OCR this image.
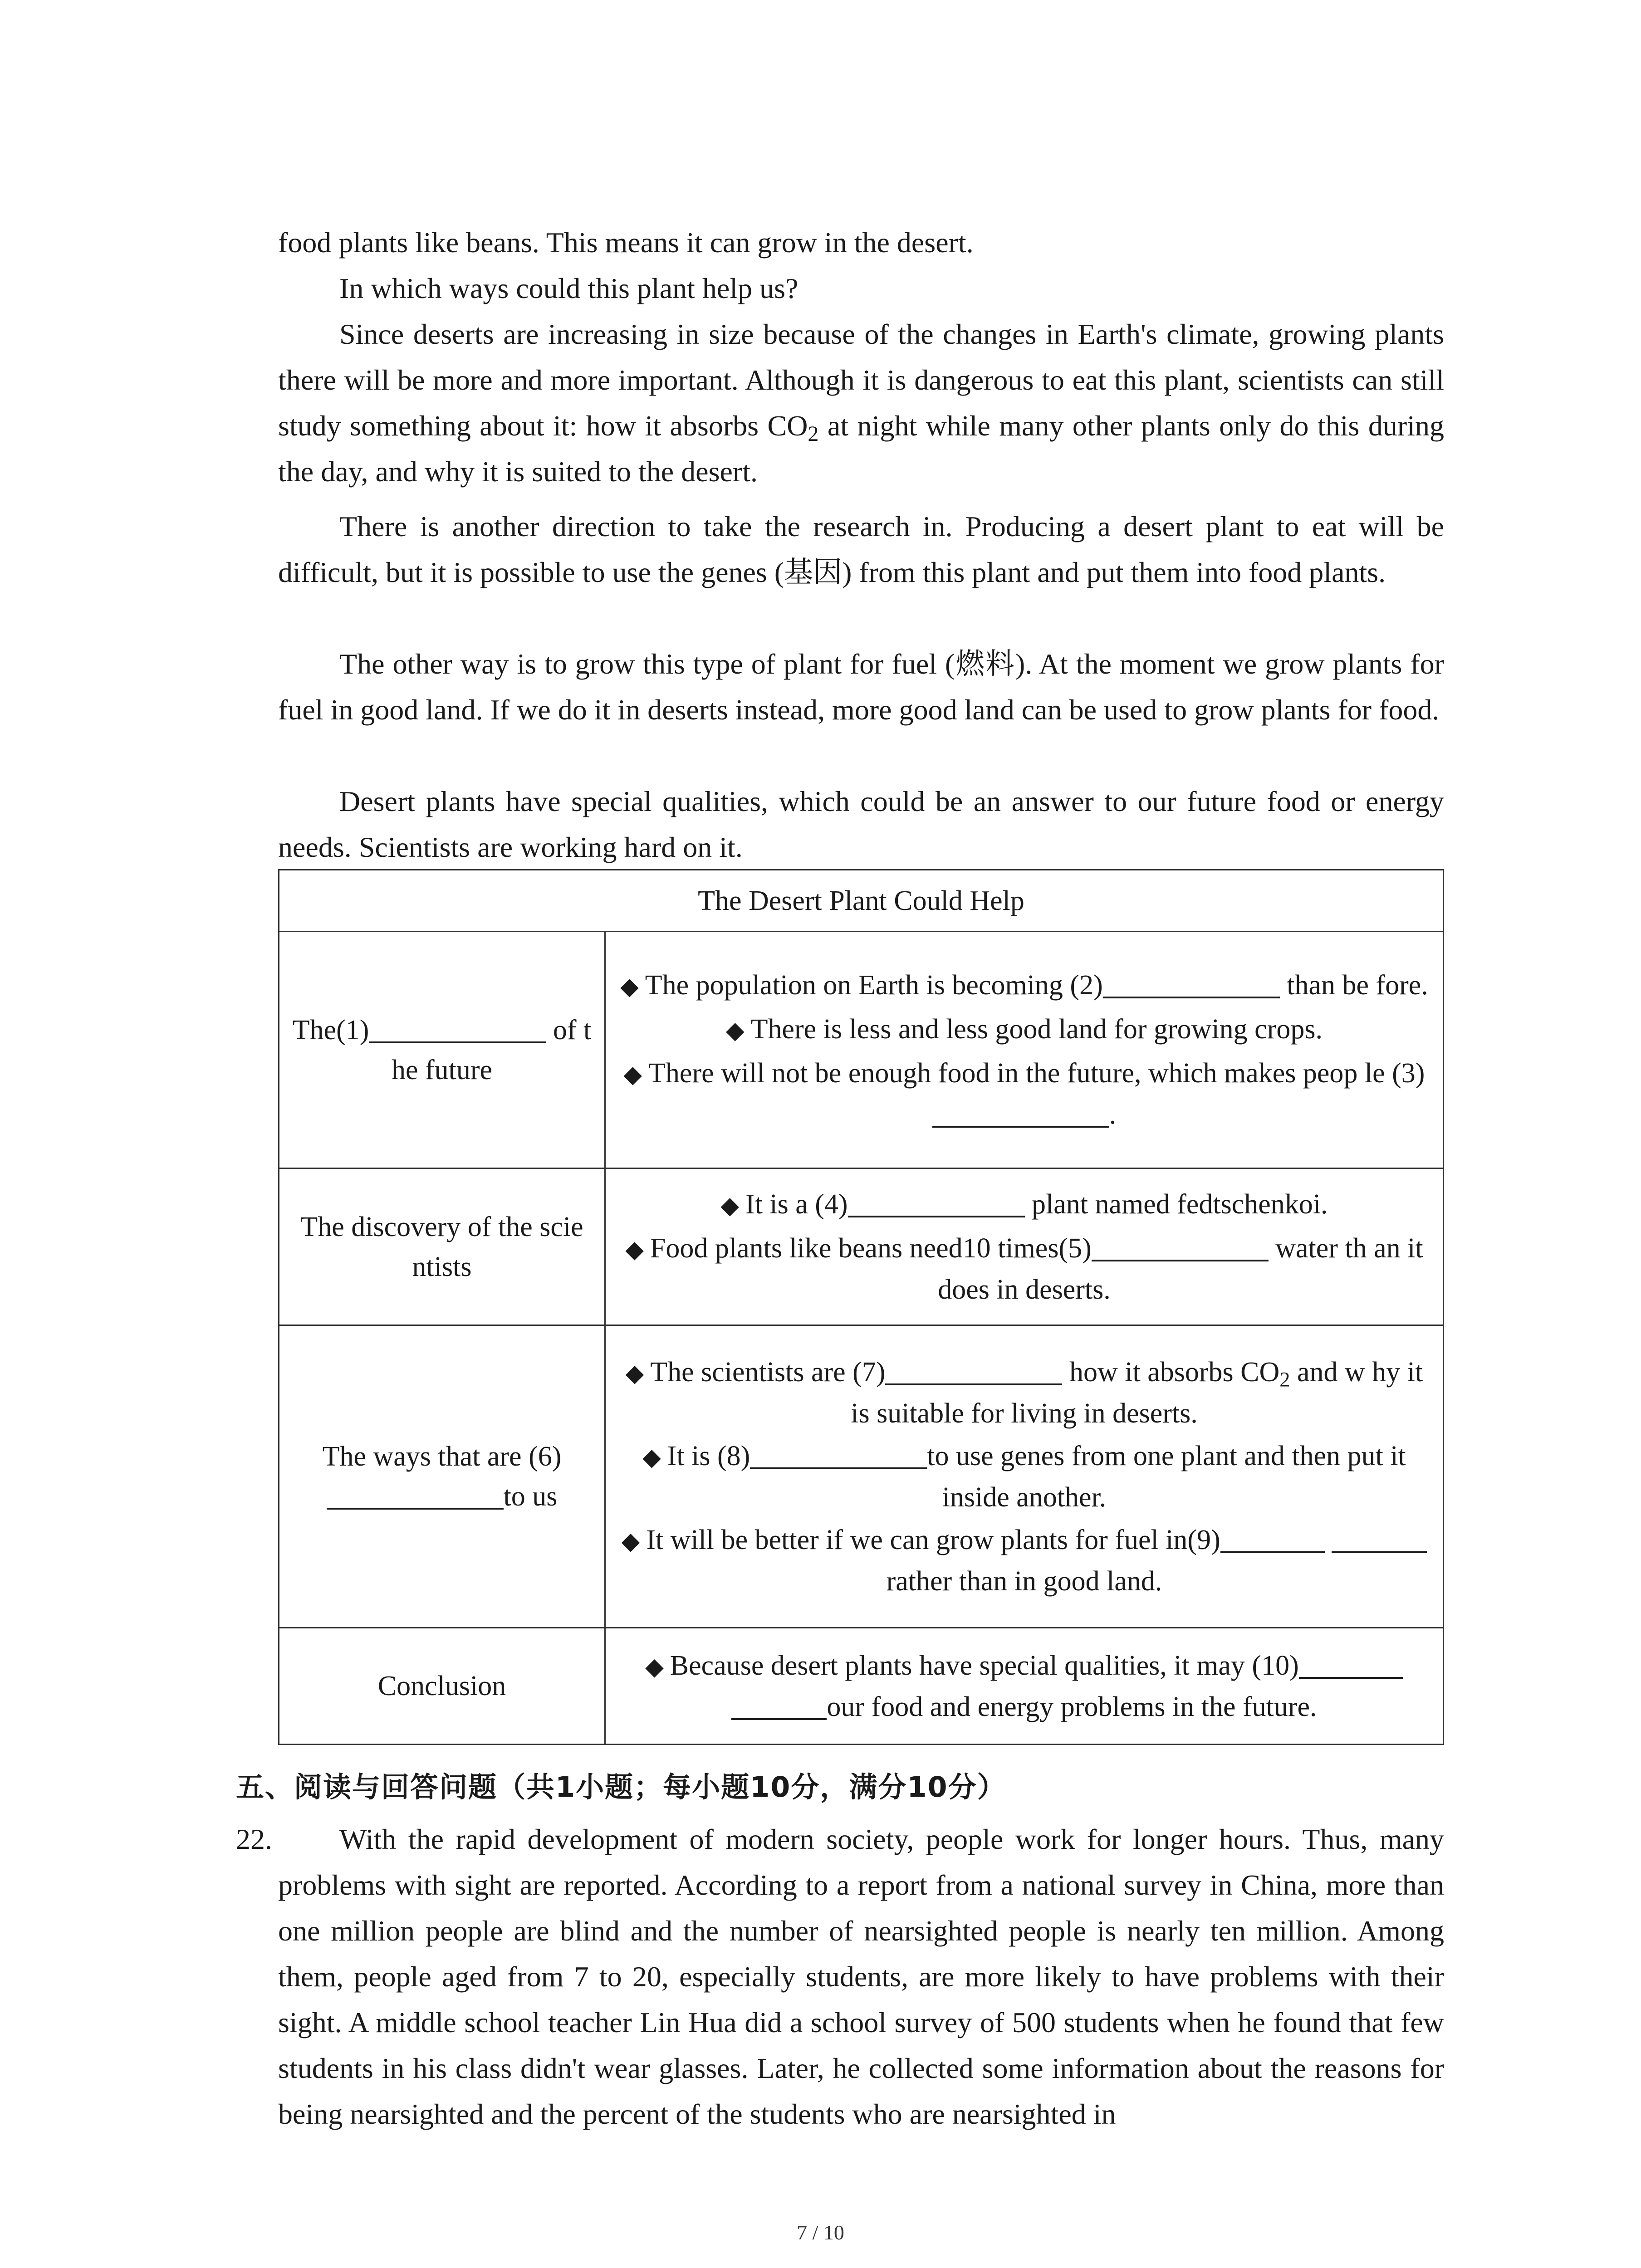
food plants like beans. This means it can grow in the desert.
In which ways could this plant help us?
Since deserts are increasing in size because of the changes in Earth's climate, growing plants there will be more and more important. Although it is dangerous to eat this plant, scientists can still study something about it: how it absorbs $CO_2$ at night while many other plants only do this during the day, and why it is suited to the desert.
There is another direction to take the research in. Producing a desert plant to eat will be difficult, but it is possible to use the genes (基因) from this plant and put them into food plants.
The other way is to grow this type of plant for fuel (燃料). At the moment we grow plants for fuel in good land. If we do it in deserts instead, more good land can be used to grow plants for food.
Desert plants have special qualities, which could be an answer to our future food or energy needs. Scientists are working hard on it.
The Desert Plant Could Help	
The(1) of t he future	◆ The population on Earth is becoming (2) than be fore.
◆ There is less and less good land for growing crops.
◆ There will not be enough food in the future, which makes peop le (3).

The discovery of the scie ntists	◆ It is a (4) plant named fedtschenkoi.
◆ Food plants like beans need10 times(5) water th an it does in deserts.

The ways that are (6)
to us	◆ The scientists are (7) how it absorbs $CO_2$ and w hy it is suitable for living in deserts.
◆ It is (8) to use genes from one plant and then put it inside another.
◆ It will be better if we can grow plants for fuel in(9)  rather than in good land.

Conclusion	◆ Because desert plants have special qualities, it may (10) our food and energy problems in the future.
五、阅读与回答问题（共1小题；每小题10分，满分10分）
22.	With the rapid development of modern society, people work for longer hours. Thus, many problems with sight are reported. According to a report from a national survey in China, more than one million people are blind and the number of nearsighted people is nearly ten million. Among them, people aged from 7 to 20, especially students, are more likely to have problems with their sight. A middle school teacher Lin Hua did a school survey of 500 students when he found that few students in his class didn't wear glasses. Later, he collected some information about the reasons for being nearsighted and the percent of the students who are nearsighted in
7 / 10
